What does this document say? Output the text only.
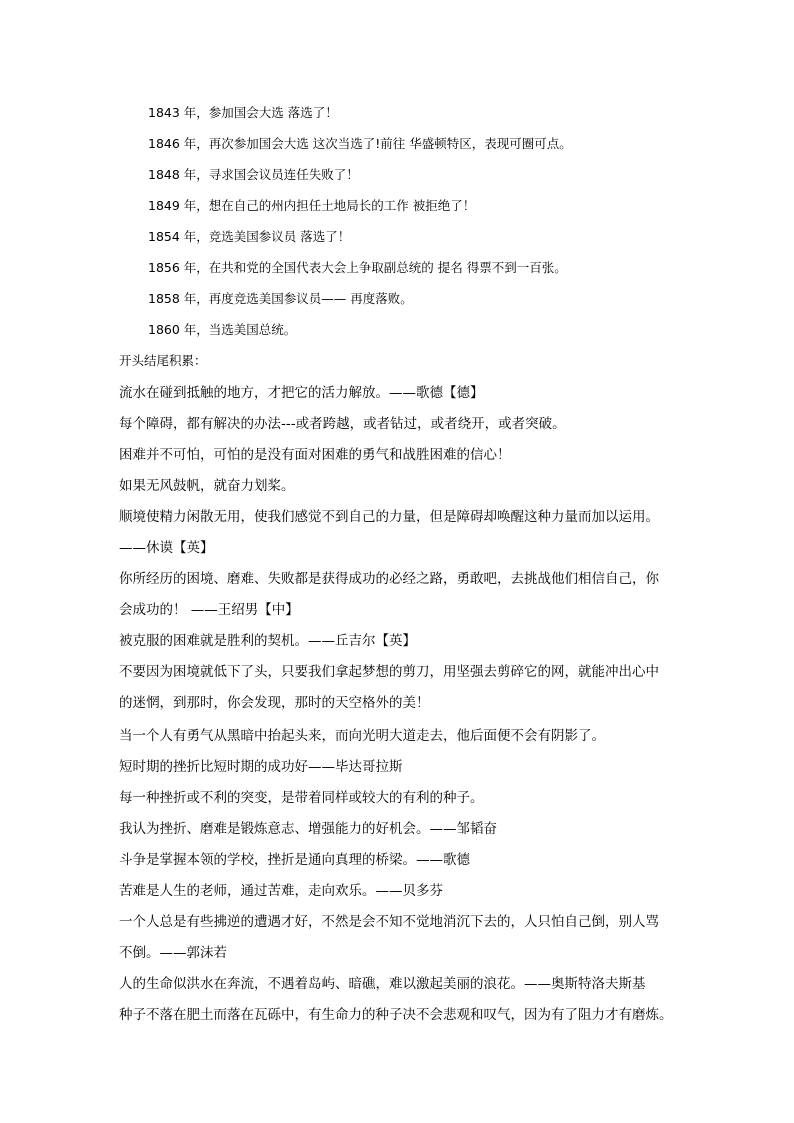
1843 年，参加国会大选 落选了！
1846 年，再次参加国会大选 这次当选了!前往 华盛顿特区，表现可圈可点。
1848 年，寻求国会议员连任失败了！
1849 年，想在自己的州内担任土地局长的工作 被拒绝了！
1854 年，竞选美国参议员 落选了！
1856 年，在共和党的全国代表大会上争取副总统的 提名 得票不到一百张。
1858 年，再度竞选美国参议员—— 再度落败。
1860 年，当选美国总统。
开头结尾积累：
流水在碰到抵触的地方，才把它的活力解放。——歌德【德】
每个障碍，都有解决的办法---或者跨越，或者钻过，或者绕开，或者突破。
困难并不可怕，可怕的是没有面对困难的勇气和战胜困难的信心！
如果无风鼓帆，就奋力划桨。
顺境使精力闲散无用，使我们感觉不到自己的力量，但是障碍却唤醒这种力量而加以运用。
——休谟【英】
你所经历的困境、磨难、失败都是获得成功的必经之路，勇敢吧，去挑战他们相信自己，你
会成功的！ ——王绍男【中】
被克服的困难就是胜利的契机。——丘吉尔【英】
不要因为困境就低下了头，只要我们拿起梦想的剪刀，用坚强去剪碎它的网，就能冲出心中
的迷惘，到那时，你会发现，那时的天空格外的美！
当一个人有勇气从黑暗中抬起头来，而向光明大道走去，他后面便不会有阴影了。
短时期的挫折比短时期的成功好——毕达哥拉斯
每一种挫折或不利的突变，是带着同样或较大的有利的种子。
我认为挫折、磨难是锻炼意志、增强能力的好机会。——邹韬奋
斗争是掌握本领的学校，挫折是通向真理的桥梁。——歌德
苦难是人生的老师，通过苦难，走向欢乐。——贝多芬
一个人总是有些拂逆的遭遇才好，不然是会不知不觉地消沉下去的，人只怕自己倒，别人骂
不倒。——郭沫若
人的生命似洪水在奔流，不遇着岛屿、暗礁，难以激起美丽的浪花。——奥斯特洛夫斯基
种子不落在肥土而落在瓦砾中，有生命力的种子决不会悲观和叹气，因为有了阻力才有磨炼。
